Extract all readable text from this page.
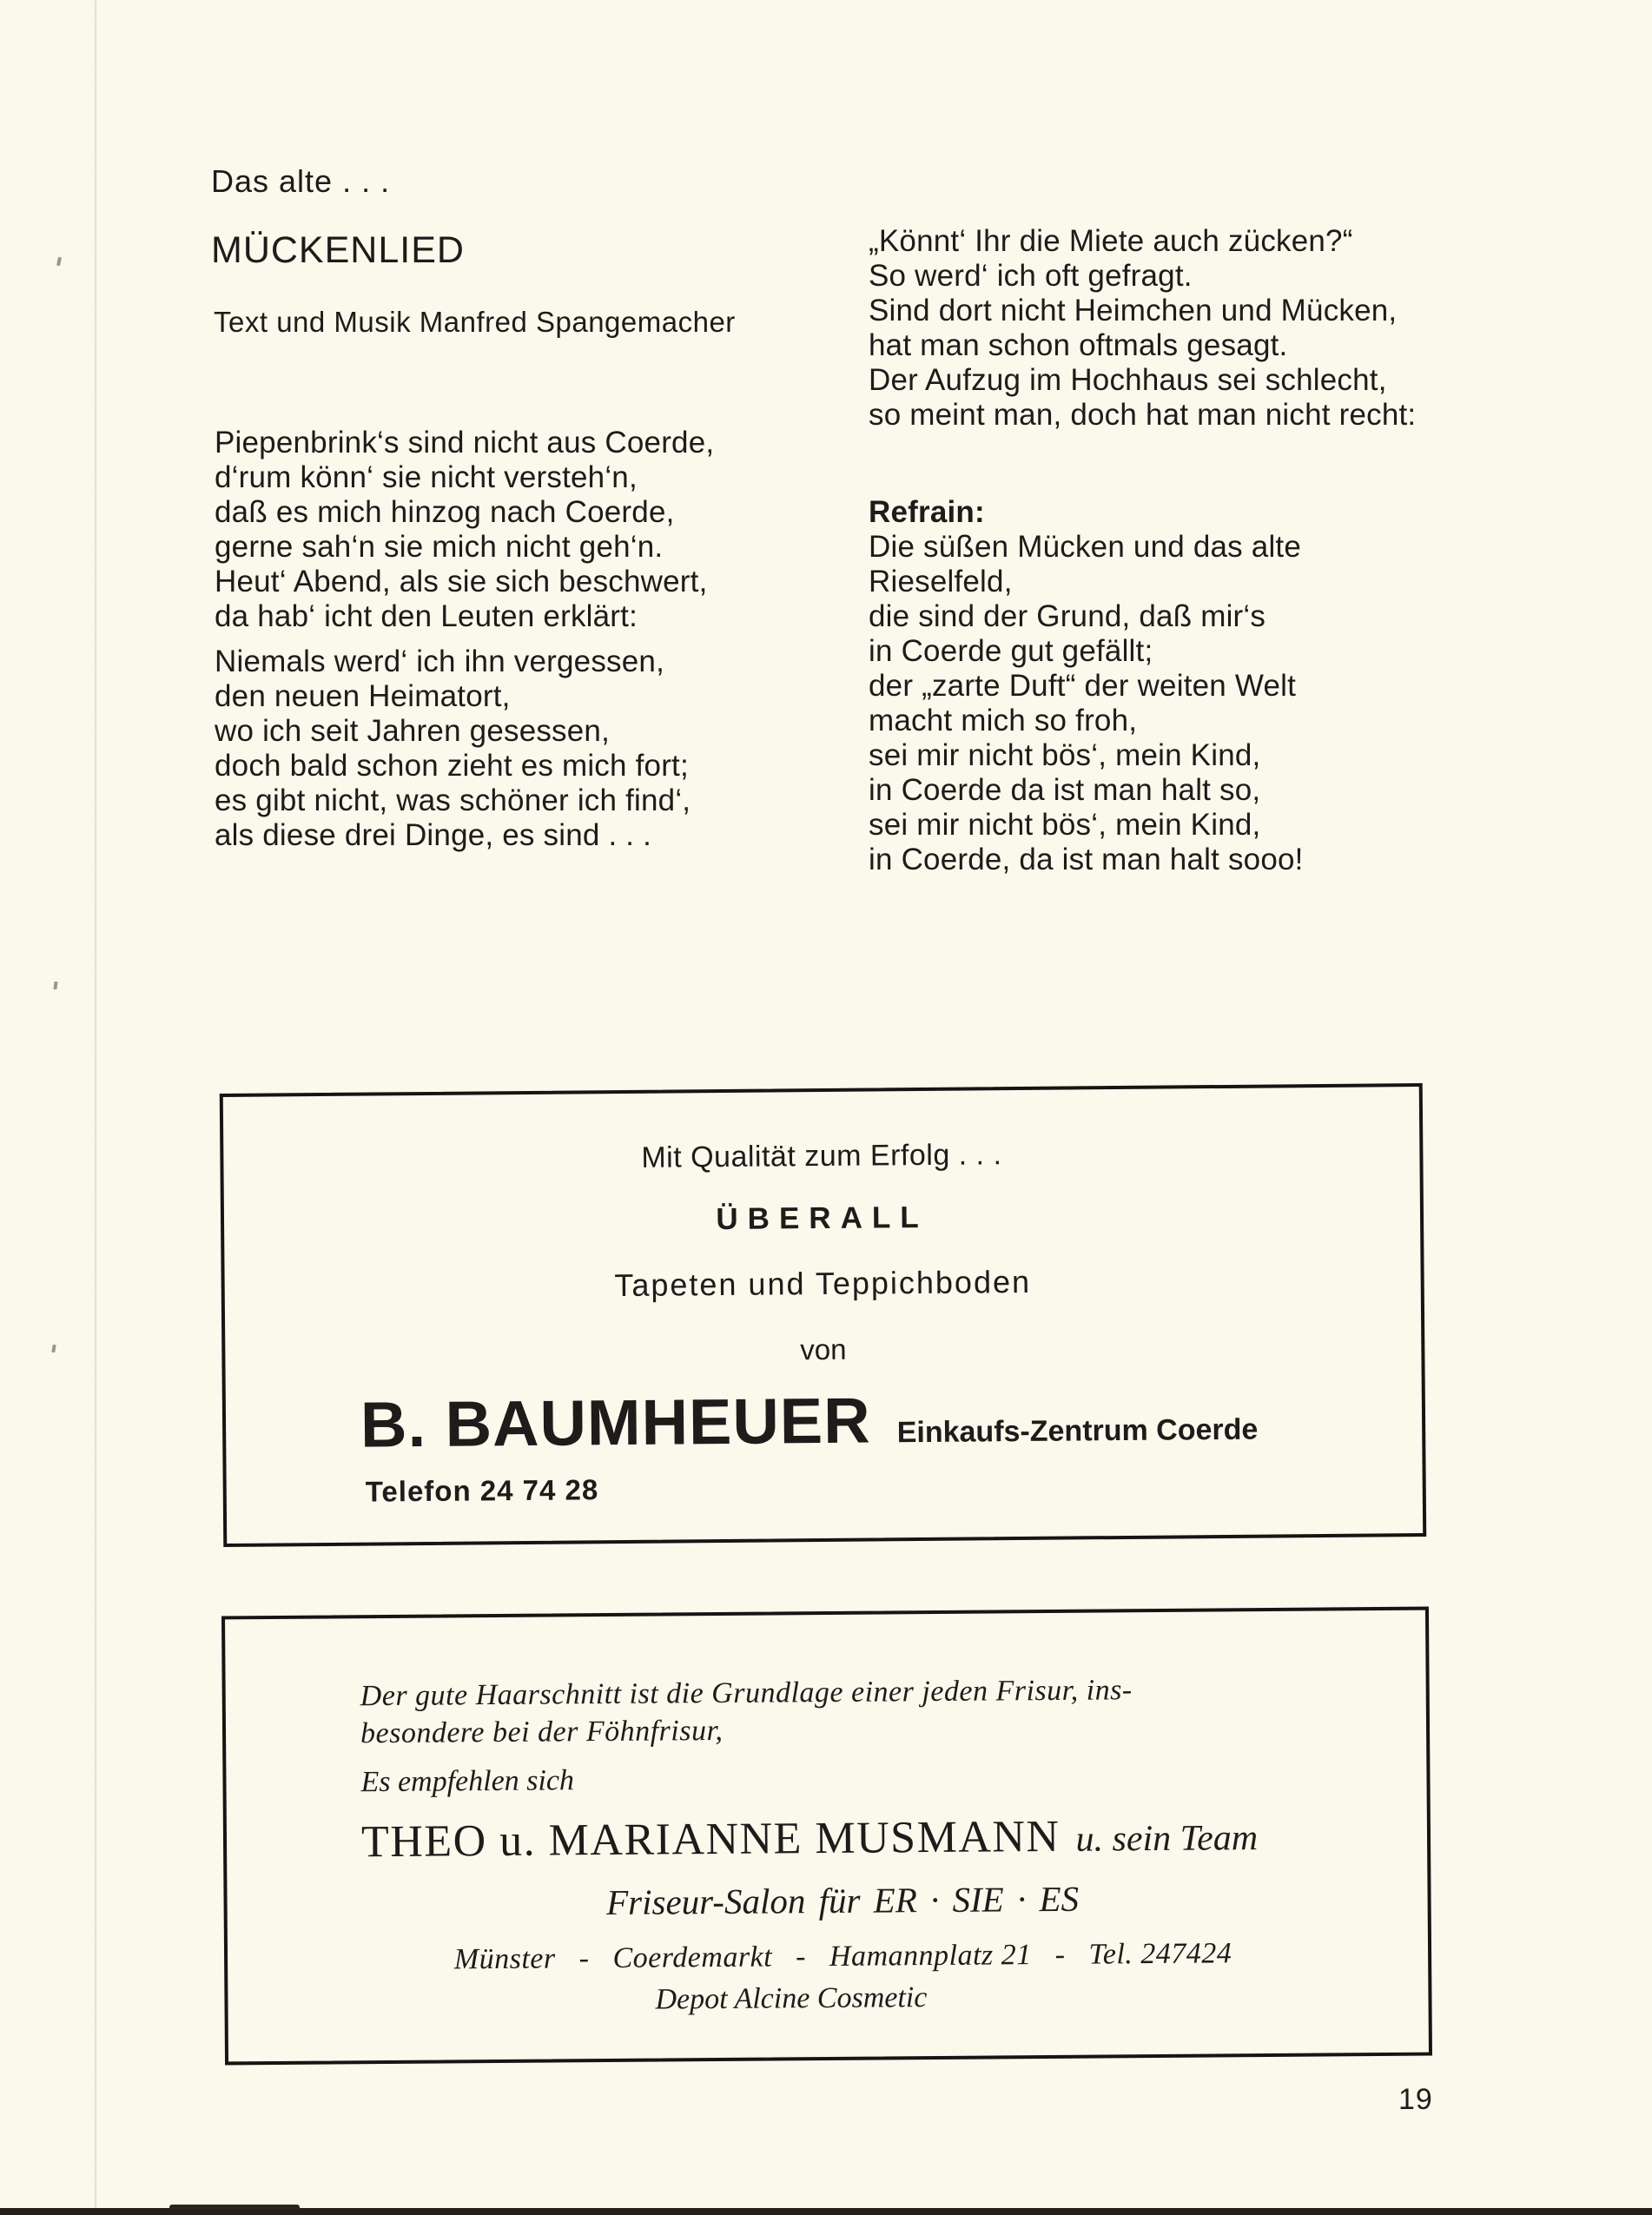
Das alte . . .
MÜCKENLIED
Text und Musik Manfred Spangemacher

Piepenbrink‘s sind nicht aus Coerde,

d‘rum könn‘ sie nicht versteh‘n,

daß es mich hinzog nach Coerde,

gerne sah‘n sie mich nicht geh‘n.

Heut‘ Abend, als sie sich beschwert,

da hab‘ icht den Leuten erklärt:

Niemals werd‘ ich ihn vergessen,

den neuen Heimatort,

wo ich seit Jahren gesessen,

doch bald schon zieht es mich fort;

es gibt nicht, was schöner ich find‘,

als diese drei Dinge, es sind . . .

„Könnt‘ Ihr die Miete auch zücken?“

So werd‘ ich oft gefragt.

Sind dort nicht Heimchen und Mücken,

hat man schon oftmals gesagt.

Der Aufzug im Hochhaus sei schlecht,

so meint man, doch hat man nicht recht:

Refrain:

Die süßen Mücken und das alte

Rieselfeld,

die sind der Grund, daß mir‘s

in Coerde gut gefällt;

der „zarte Duft“ der weiten Welt

macht mich so froh,

sei mir nicht bös‘, mein Kind,

in Coerde da ist man halt so,

sei mir nicht bös‘, mein Kind,

in Coerde, da ist man halt sooo!

Mit Qualität zum Erfolg . . .

ÜBERALL

Tapeten und Teppichboden

von

B. BAUMHEUER Einkaufs-Zentrum Coerde

Telefon 24 74 28

Der gute Haarschnitt ist die Grundlage einer jeden Frisur, ins-

besondere bei der Föhnfrisur,

Es empfehlen sich

THEO u. MARIANNE MUSMANN u. sein Team

Friseur-Salon für ER · SIE · ES

Münster   -   Coerdemarkt   -   Hamannplatz 21   -   Tel. 247424

Depot Alcine Cosmetic

19
